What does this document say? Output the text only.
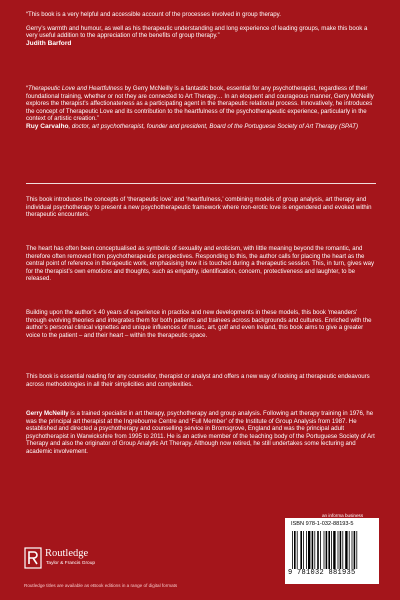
“This book is a very helpful and accessible account of the processes involved in group therapy.

Gerry’s warmth and humour, as well as his therapeutic understanding and long experience of leading groups, make this book a very useful addition to the appreciation of the benefits of group therapy.”

Judith Barford

“Therapeutic Love and Heartfulness by Gerry McNeilly is a fantastic book, essential for any psychotherapist, regardless of their foundational training, whether or not they are connected to Art Therapy… In an eloquent and courageous manner, Gerry McNeilly explores the therapist’s affectionateness as a participating agent in the therapeutic relational process. Innovatively, he introduces the concept of Therapeutic Love and its contribution to the heartfulness of the psychotherapeutic experience, particularly in the context of artistic creation.”

Ruy Carvalho, doctor, art psychotherapist, founder and president, Board of the Portuguese Society of Art Therapy (SPAT)

This book introduces the concepts of ‘therapeutic love’ and ‘heartfulness,’ combining models of group analysis, art therapy and individual psychotherapy to present a new psychotherapeutic framework where non-erotic love is engendered and evoked within therapeutic encounters.

The heart has often been conceptualised as symbolic of sexuality and eroticism, with little meaning beyond the romantic, and therefore often removed from psychotherapeutic perspectives. Responding to this, the author calls for placing the heart as the central point of reference in therapeutic work, emphasising how it is touched during a therapeutic session. This, in turn, gives way for the therapist’s own emotions and thoughts, such as empathy, identification, concern, protectiveness and laughter, to be released.

Building upon the author’s 40 years of experience in practice and new developments in these models, this book ‘meanders’ through evolving theories and integrates them for both patients and trainees across backgrounds and cultures. Enriched with the author’s personal clinical vignettes and unique influences of music, art, golf and even Ireland, this book aims to give a greater voice to the patient – and their heart – within the therapeutic space.

This book is essential reading for any counsellor, therapist or analyst and offers a new way of looking at therapeutic endeavours across methodologies in all their simplicities and complexities.

Gerry McNeilly is a trained specialist in art therapy, psychotherapy and group analysis. Following art therapy training in 1976, he was the principal art therapist at the Ingrebourne Centre and ‘Full Member’ of the Institute of Group Analysis from 1987. He established and directed a psychotherapy and counselling service in Bromsgrove, England and was the principal adult psychotherapist in Warwickshire from 1995 to 2011. He is an active member of the teaching body of the Portuguese Society of Art Therapy and also the originator of Group Analytic Art Therapy. Although now retired, he still undertakes some lecturing and academic involvement.

an informa business
ISBN 978-1-032-88193-5
9 781032 881935
Routledge
Taylor & Francis Group
Routledge titles are available as eBook editions in a range of digital formats
